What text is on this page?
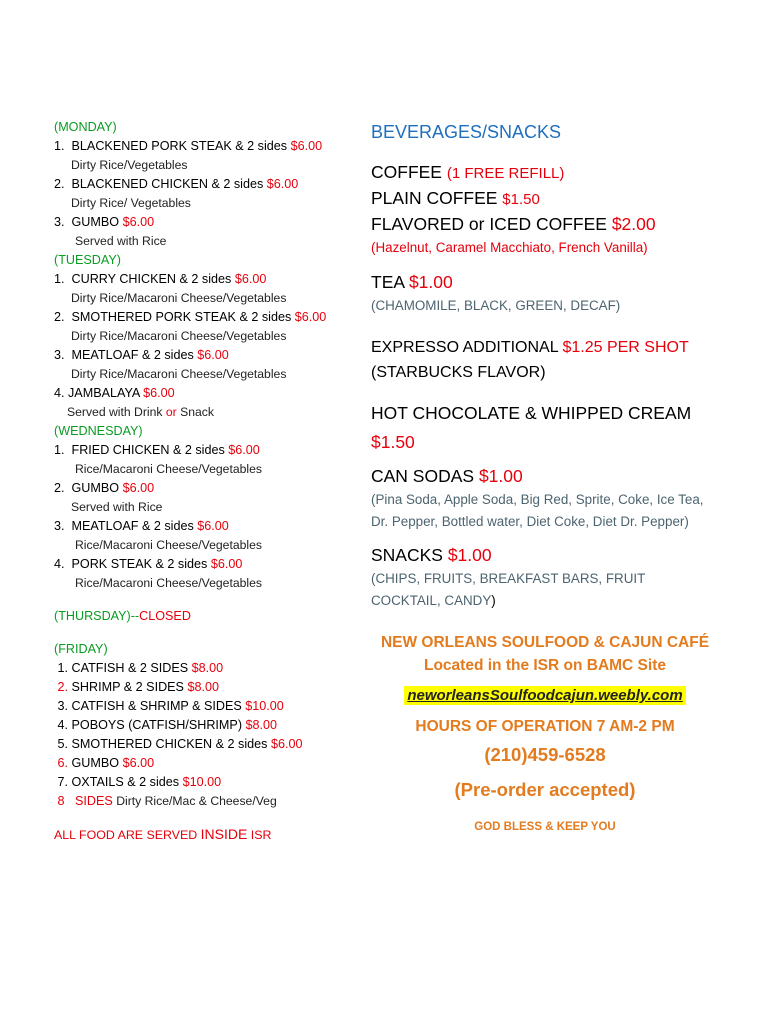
(MONDAY)
1. BLACKENED PORK STEAK & 2 sides $6.00
Dirty Rice/Vegetables
2. BLACKENED CHICKEN & 2 sides $6.00
Dirty Rice/ Vegetables
3. GUMBO $6.00
Served with Rice
(TUESDAY)
1. CURRY CHICKEN & 2 sides $6.00
Dirty Rice/Macaroni Cheese/Vegetables
2. SMOTHERED PORK STEAK & 2 sides $6.00
Dirty Rice/Macaroni Cheese/Vegetables
3. MEATLOAF & 2 sides $6.00
Dirty Rice/Macaroni Cheese/Vegetables
4. JAMBALAYA $6.00
Served with Drink or Snack
(WEDNESDAY)
1. FRIED CHICKEN & 2 sides $6.00
Rice/Macaroni Cheese/Vegetables
2. GUMBO $6.00
Served with Rice
3. MEATLOAF & 2 sides $6.00
Rice/Macaroni Cheese/Vegetables
4. PORK STEAK & 2 sides $6.00
Rice/Macaroni Cheese/Vegetables
(THURSDAY)--CLOSED
(FRIDAY)
1. CATFISH & 2 SIDES $8.00
2. SHRIMP & 2 SIDES $8.00
3. CATFISH & SHRIMP & SIDES $10.00
4. POBOYS (CATFISH/SHRIMP) $8.00
5. SMOTHERED CHICKEN & 2 sides $6.00
6. GUMBO $6.00
7. OXTAILS & 2 sides $10.00
8 SIDES Dirty Rice/Mac & Cheese/Veg
ALL FOOD ARE SERVED INSIDE ISR
BEVERAGES/SNACKS
COFFEE (1 FREE REFILL)
PLAIN COFFEE $1.50
FLAVORED or ICED COFFEE $2.00
(Hazelnut, Caramel Macchiato, French Vanilla)
TEA $1.00
(CHAMOMILE, BLACK, GREEN, DECAF)
EXPRESSO ADDITIONAL $1.25 PER SHOT
(STARBUCKS FLAVOR)
HOT CHOCOLATE & WHIPPED CREAM
$1.50
CAN SODAS $1.00
(Pina Soda, Apple Soda, Big Red, Sprite, Coke, Ice Tea, Dr. Pepper, Bottled water, Diet Coke, Diet Dr. Pepper)
SNACKS $1.00
(CHIPS, FRUITS, BREAKFAST BARS, FRUIT COCKTAIL, CANDY)
NEW ORLEANS SOULFOOD & CAJUN CAFÉ
Located in the ISR on BAMC Site
neworleansSoulfoodcajun.weebly.com
HOURS OF OPERATION 7 AM-2 PM
(210)459-6528
(Pre-order accepted)
GOD BLESS & KEEP YOU
